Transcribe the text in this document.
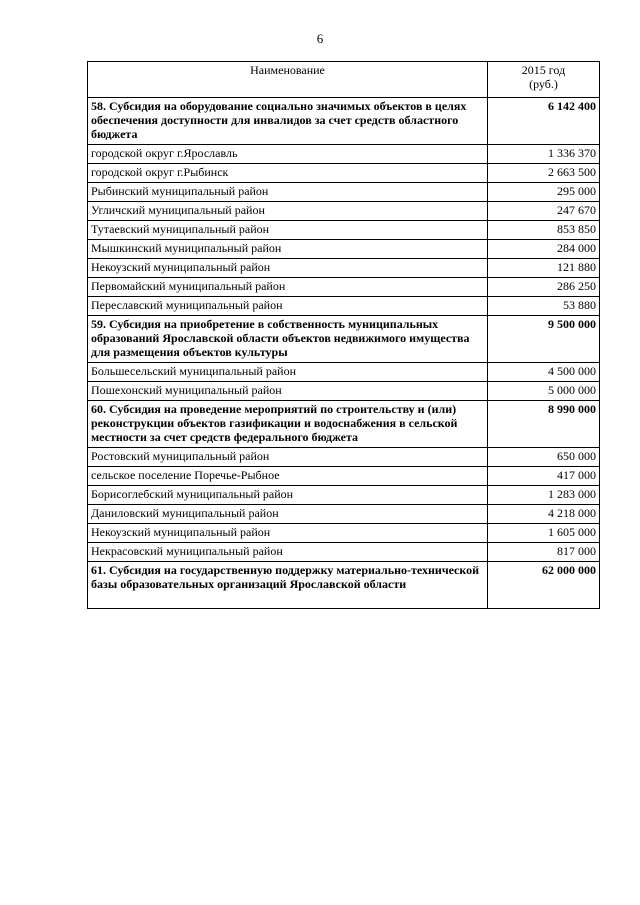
6
Наименование	2015 год
(руб.)

58. Субсидия на оборудование социально значимых объектов в целях обеспечения доступности для инвалидов за счет средств областного бюджета	6 142 400
городской округ г.Ярославль	1 336 370
городской округ г.Рыбинск	2 663 500
Рыбинский муниципальный район	295 000
Угличский муниципальный район	247 670
Тутаевский муниципальный район	853 850
Мышкинский муниципальный район	284 000
Некоузский муниципальный район	121 880
Первомайский муниципальный район	286 250
Переславский муниципальный район	53 880
59. Субсидия на приобретение в собственность муниципальных образований Ярославской области объектов недвижимого имущества для размещения объектов культуры	9 500 000
Большесельский муниципальный район	4 500 000
Пошехонский муниципальный район	5 000 000
60. Субсидия на проведение мероприятий по строительству и (или) реконструкции объектов газификации и водоснабжения в сельской местности за счет средств федерального бюджета	8 990 000
Ростовский муниципальный район	650 000
сельское поселение Поречье-Рыбное	417 000
Борисоглебский муниципальный район	1 283 000
Даниловский муниципальный район	4 218 000
Некоузский муниципальный район	1 605 000
Некрасовский муниципальный район	817 000
61. Субсидия на государственную поддержку материально-технической базы образовательных организаций Ярославской области	62 000 000
